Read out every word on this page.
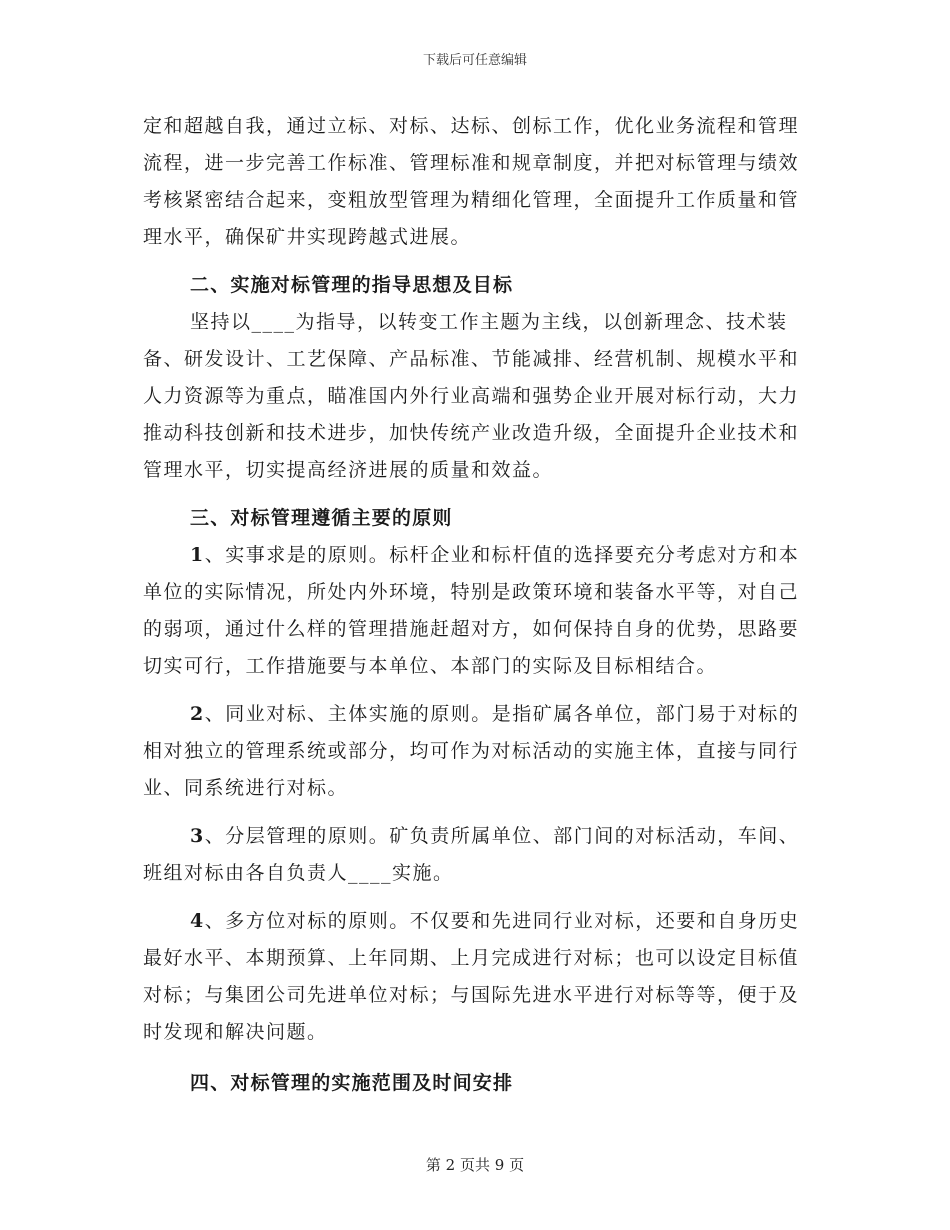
下载后可任意编辑

定和超越自我，通过立标、对标、达标、创标工作，优化业务流程和管理流程，进一步完善工作标准、管理标准和规章制度，并把对标管理与绩效考核紧密结合起来，变粗放型管理为精细化管理，全面提升工作质量和管理水平，确保矿井实现跨越式进展。

二、实施对标管理的指导思想及目标

坚持以____为指导，以转变工作主题为主线，以创新理念、技术装备、研发设计、工艺保障、产品标准、节能减排、经营机制、规模水平和人力资源等为重点，瞄准国内外行业高端和强势企业开展对标行动，大力推动科技创新和技术进步，加快传统产业改造升级，全面提升企业技术和管理水平，切实提高经济进展的质量和效益。

三、对标管理遵循主要的原则

1、实事求是的原则。标杆企业和标杆值的选择要充分考虑对方和本单位的实际情况，所处内外环境，特别是政策环境和装备水平等，对自己的弱项，通过什么样的管理措施赶超对方，如何保持自身的优势，思路要切实可行，工作措施要与本单位、本部门的实际及目标相结合。

2、同业对标、主体实施的原则。是指矿属各单位，部门易于对标的相对独立的管理系统或部分，均可作为对标活动的实施主体，直接与同行业、同系统进行对标。

3、分层管理的原则。矿负责所属单位、部门间的对标活动，车间、班组对标由各自负责人____实施。

4、多方位对标的原则。不仅要和先进同行业对标，还要和自身历史最好水平、本期预算、上年同期、上月完成进行对标；也可以设定目标值对标；与集团公司先进单位对标；与国际先进水平进行对标等等，便于及时发现和解决问题。

四、对标管理的实施范围及时间安排

第 2 页共 9 页
